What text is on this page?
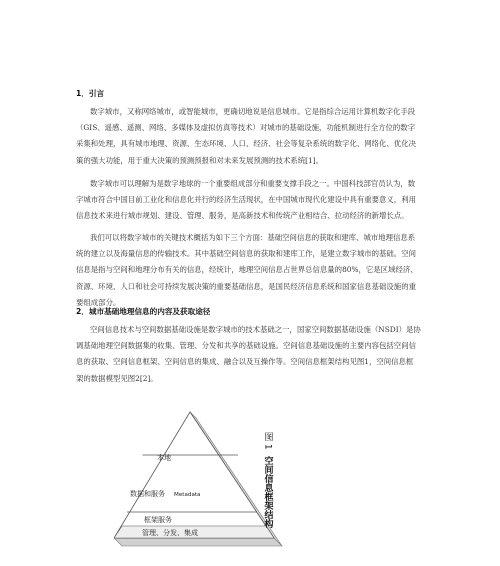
1．引言
数字城市，又称网络城市，或智能城市，更确切地说是信息城市。它是指综合运用计算机数字化手段
（GIS、遥感、遥测、网络、多媒体及虚拟仿真等技术）对城市的基础设施、功能机制进行全方位的数字
采集和处理，具有城市地理、资源、生态环境、人口、经济、社会等复杂系统的数字化、网络化、优化决
策的强大功能，用于重大决策的预测预报和对未来发展预测的技术系统[1]。
数字城市可以理解为是数字地球的一个重要组成部分和重要支撑手段之一。中国科技部官员认为，数
字城市符合中国目前工业化和信息化并行的经济生活现状，在中国城市现代化建设中具有重要意义，利用
信息技术来进行城市规划、建设、管理、服务，是高新技术和传统产业相结合、拉动经济的新增长点。
我们可以将数字城市的关键技术概括为如下三个方面：基础空间信息的获取和建库、城市地理信息系
统的建立以及海量信息的传输技术。其中基础空间信息的获取和建库工作，是建立数字城市的基础。空间
信息是指与空间和地理分布有关的信息，经统计，地理空间信息占世界总信息量的80%，它是区域经济、
资源、环境、人口和社会可持续发展决策的重要基础信息，是国民经济信息系统和国家信息基础设施的重
要组成部分。
2．城市基础地理信息的内容及获取途径
空间信息技术与空间数据基础设施是数字城市的技术基础之一，国家空间数据基础设施（NSDI）是协
调基础地理空间数据集的收集、管理、分发和共享的基础设施。空间信息基础设施的主要内容包括空间信
息的获取、空间信息框架、空间信息的集成、融合以及互操作等。空间信息框架结构见图1，空间信息框
架的数据模型见图2[2]。
本地
数据和服务 Metadata
框架服务
管理、分发、集成
图 1
空间信息框架结构
